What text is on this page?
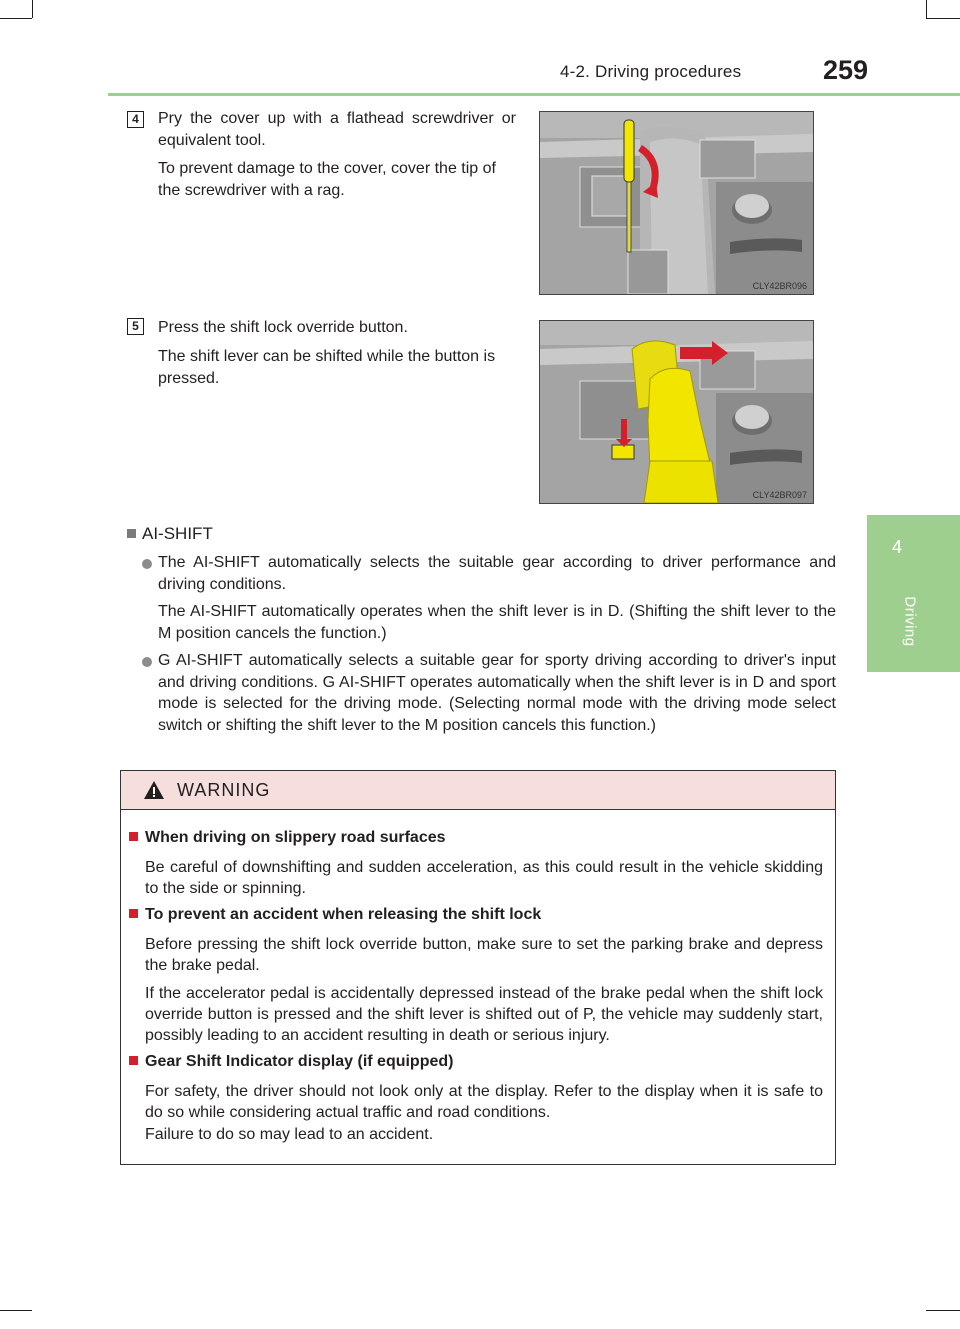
4-2. Driving procedures	259
4
Driving
4	Pry the cover up with a flathead screwdriver or equivalent tool.
To prevent damage to the cover, cover the tip of the screwdriver with a rag.
CLY42BR096
5	Press the shift lock override button.
The shift lever can be shifted while the button is pressed.
CLY42BR097
AI-SHIFT
The AI-SHIFT automatically selects the suitable gear according to driver performance and driving conditions.
The AI-SHIFT automatically operates when the shift lever is in D. (Shifting the shift lever to the M position cancels the function.)
G AI-SHIFT automatically selects a suitable gear for sporty driving according to driver's input and driving conditions. G AI-SHIFT operates automatically when the shift lever is in D and sport mode is selected for the driving mode. (Selecting normal mode with the driving mode select switch or shifting the shift lever to the M position cancels this function.)
WARNING
When driving on slippery road surfaces
Be careful of downshifting and sudden acceleration, as this could result in the vehicle skidding to the side or spinning.
To prevent an accident when releasing the shift lock
Before pressing the shift lock override button, make sure to set the parking brake and depress the brake pedal.
If the accelerator pedal is accidentally depressed instead of the brake pedal when the shift lock override button is pressed and the shift lever is shifted out of P, the vehicle may suddenly start, possibly leading to an accident resulting in death or serious injury.
Gear Shift Indicator display (if equipped)
For safety, the driver should not look only at the display. Refer to the display when it is safe to do so while considering actual traffic and road conditions.
Failure to do so may lead to an accident.
